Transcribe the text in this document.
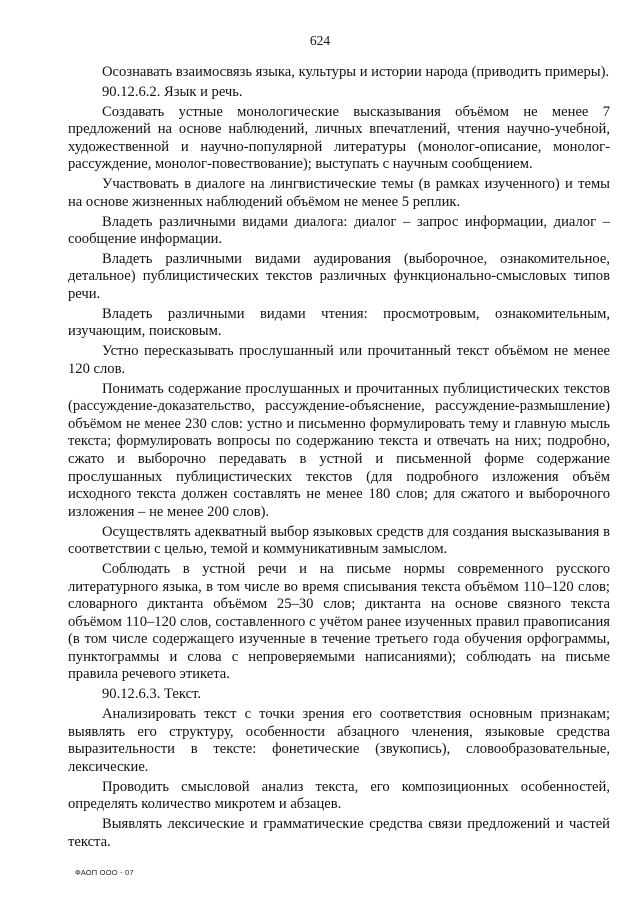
624

Осознавать взаимосвязь языка, культуры и истории народа (приводить примеры).

90.12.6.2. Язык и речь.

Создавать устные монологические высказывания объёмом не менее 7 предложений на основе наблюдений, личных впечатлений, чтения научно-учебной, художественной и научно-популярной литературы (монолог-описание, монолог-рассуждение, монолог-повествование); выступать с научным сообщением.

Участвовать в диалоге на лингвистические темы (в рамках изученного) и темы на основе жизненных наблюдений объёмом не менее 5 реплик.

Владеть различными видами диалога: диалог – запрос информации, диалог – сообщение информации.

Владеть различными видами аудирования (выборочное, ознакомительное, детальное) публицистических текстов различных функционально-смысловых типов речи.

Владеть различными видами чтения: просмотровым, ознакомительным, изучающим, поисковым.

Устно пересказывать прослушанный или прочитанный текст объёмом не менее 120 слов.

Понимать содержание прослушанных и прочитанных публицистических текстов (рассуждение-доказательство, рассуждение-объяснение, рассуждение-размышление) объёмом не менее 230 слов: устно и письменно формулировать тему и главную мысль текста; формулировать вопросы по содержанию текста и отвечать на них; подробно, сжато и выборочно передавать в устной и письменной форме содержание прослушанных публицистических текстов (для подробного изложения объём исходного текста должен составлять не менее 180 слов; для сжатого и выборочного изложения – не менее 200 слов).

Осуществлять адекватный выбор языковых средств для создания высказывания в соответствии с целью, темой и коммуникативным замыслом.

Соблюдать в устной речи и на письме нормы современного русского литературного языка, в том числе во время списывания текста объёмом 110–120 слов; словарного диктанта объёмом 25–30 слов; диктанта на основе связного текста объёмом 110–120 слов, составленного с учётом ранее изученных правил правописания (в том числе содержащего изученные в течение третьего года обучения орфограммы, пунктограммы и слова с непроверяемыми написаниями); соблюдать на письме правила речевого этикета.

90.12.6.3. Текст.

Анализировать текст с точки зрения его соответствия основным признакам; выявлять его структуру, особенности абзацного членения, языковые средства выразительности в тексте: фонетические (звукопись), словообразовательные, лексические.

Проводить смысловой анализ текста, его композиционных особенностей, определять количество микротем и абзацев.

Выявлять лексические и грамматические средства связи предложений и частей текста.

ФАОП ООО - 07
